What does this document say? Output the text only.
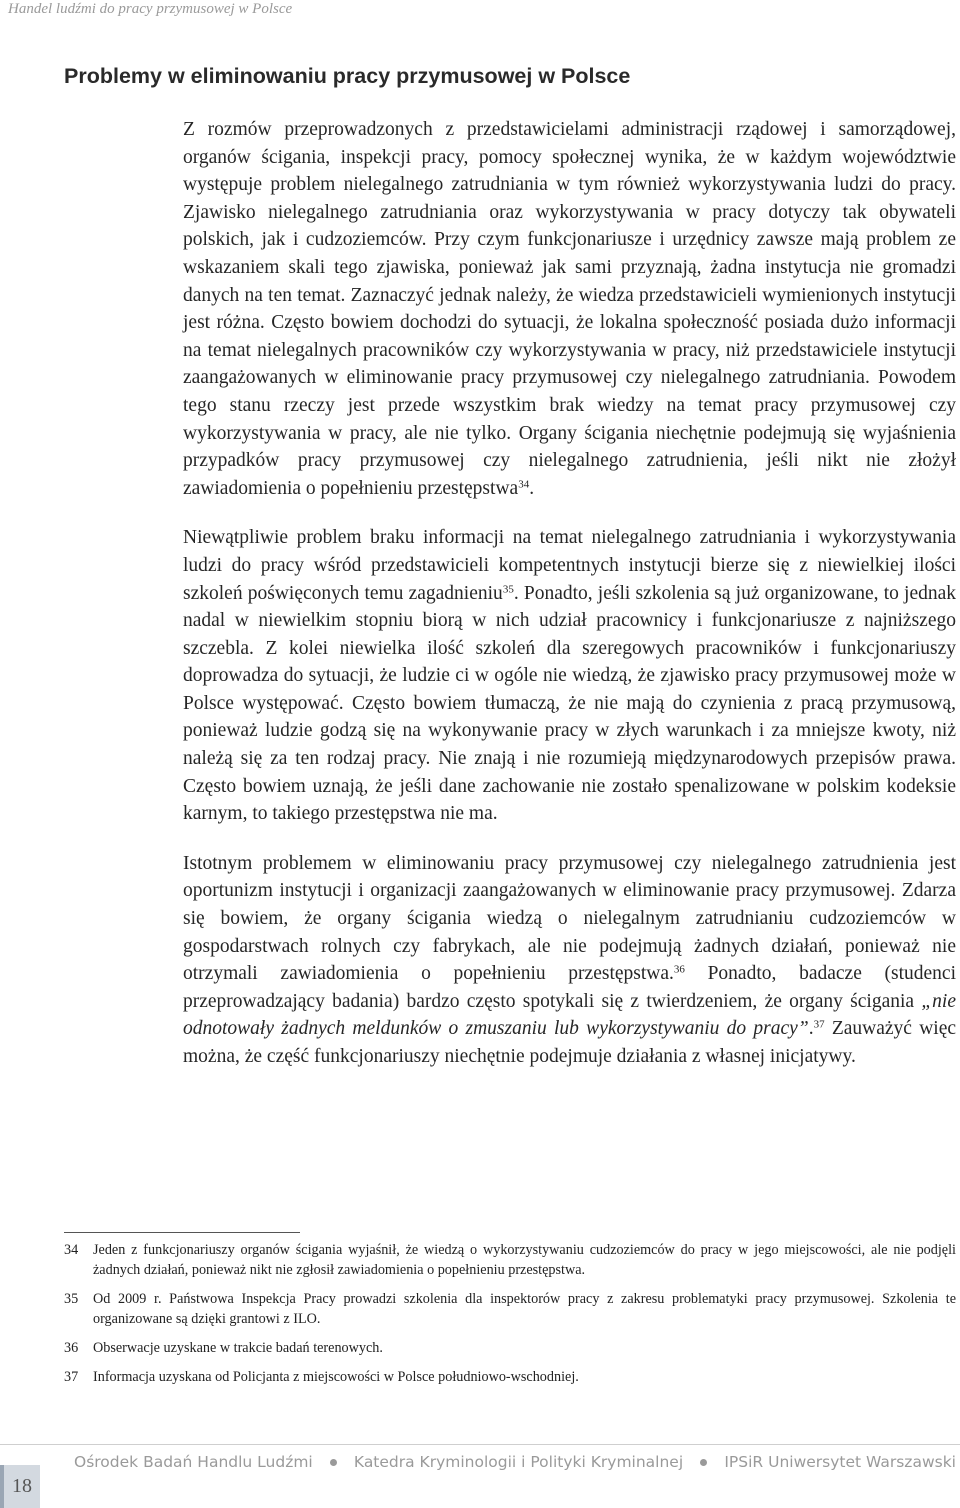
Handel ludźmi do pracy przymusowej w Polsce
Problemy w eliminowaniu pracy przymusowej w Polsce

Z rozmów przeprowadzonych z przedstawicielami administracji rządowej i samorządowej, organów ścigania, inspekcji pracy, pomocy społecznej wynika, że w każdym województwie występuje problem nielegalnego zatrudniania w tym również wykorzystywania ludzi do pracy. Zjawisko nielegalnego zatrudniania oraz wykorzystywania w pracy dotyczy tak obywateli polskich, jak i cudzoziemców. Przy czym funkcjonariusze i urzędnicy zawsze mają problem ze wskazaniem skali tego zjawiska, ponieważ jak sami przyznają, żadna instytucja nie gromadzi danych na ten temat. Zaznaczyć jednak należy, że wiedza przedstawicieli wymienionych instytucji jest różna. Często bowiem dochodzi do sytuacji, że lokalna społeczność posiada dużo informacji na temat nielegalnych pracowników czy wykorzystywania w pracy, niż przedstawiciele instytucji zaangażowanych w eliminowanie pracy przymusowej czy nielegalnego zatrudniania. Powodem tego stanu rzeczy jest przede wszystkim brak wiedzy na temat pracy przymusowej czy wykorzystywania w pracy, ale nie tylko. Organy ścigania niechętnie podejmują się wyjaśnienia przypadków pracy przymusowej czy nielegalnego zatrudnienia, jeśli nikt nie złożył zawiadomienia o popełnieniu przestępstwa$^{34}$.

Niewątpliwie problem braku informacji na temat nielegalnego zatrudniania i wykorzystywania ludzi do pracy wśród przedstawicieli kompetentnych instytucji bierze się z niewielkiej ilości szkoleń poświęconych temu zagadnieniu$^{35}$. Ponadto, jeśli szkolenia są już organizowane, to jednak nadal w niewielkim stopniu biorą w nich udział pracownicy i funkcjonariusze z najniższego szczebla. Z kolei niewielka ilość szkoleń dla szeregowych pracowników i funkcjonariuszy doprowadza do sytuacji, że ludzie ci w ogóle nie wiedzą, że zjawisko pracy przymusowej może w Polsce występować. Często bowiem tłumaczą, że nie mają do czynienia z pracą przymusową, ponieważ ludzie godzą się na wykonywanie pracy w złych warunkach i za mniejsze kwoty, niż należą się za ten rodzaj pracy. Nie znają i nie rozumieją międzynarodowych przepisów prawa. Często bowiem uznają, że jeśli dane zachowanie nie zostało spenalizowane w polskim kodeksie karnym, to takiego przestępstwa nie ma.

Istotnym problemem w eliminowaniu pracy przymusowej czy nielegalnego zatrudnienia jest oportunizm instytucji i organizacji zaangażowanych w eliminowanie pracy przymusowej. Zdarza się bowiem, że organy ścigania wiedzą o nielegalnym zatrudnianiu cudzoziemców w gospodarstwach rolnych czy fabrykach, ale nie podejmują żadnych działań, ponieważ nie otrzymali zawiadomienia o popełnieniu przestępstwa.$^{36}$ Ponadto, badacze (studenci przeprowadzający badania) bardzo często spotykali się z twierdzeniem, że organy ścigania „nie odnotowały żadnych meldunków o zmuszaniu lub wykorzystywaniu do pracy”.$^{37}$ Zauważyć więc można, że część funkcjonariuszy niechętnie podejmuje działania z własnej inicjatywy.

34	Jeden z funkcjonariuszy organów ścigania wyjaśnił, że wiedzą o wykorzystywaniu cudzoziemców do pracy w jego miejscowości, ale nie podjęli żadnych działań, ponieważ nikt nie zgłosił zawiadomienia o popełnieniu przestępstwa.
35	Od 2009 r. Państwowa Inspekcja Pracy prowadzi szkolenia dla inspektorów pracy z zakresu problematyki pracy przymusowej. Szkolenia te organizowane są dzięki grantowi z ILO.
36	Obserwacje uzyskane w trakcie badań terenowych.
37	Informacja uzyskana od Policjanta z miejscowości w Polsce południowo-wschodniej.
18
Ośrodek Badań Handlu Ludźmi	Katedra Kryminologii i Polityki Kryminalnej	IPSiR Uniwersytet Warszawski
